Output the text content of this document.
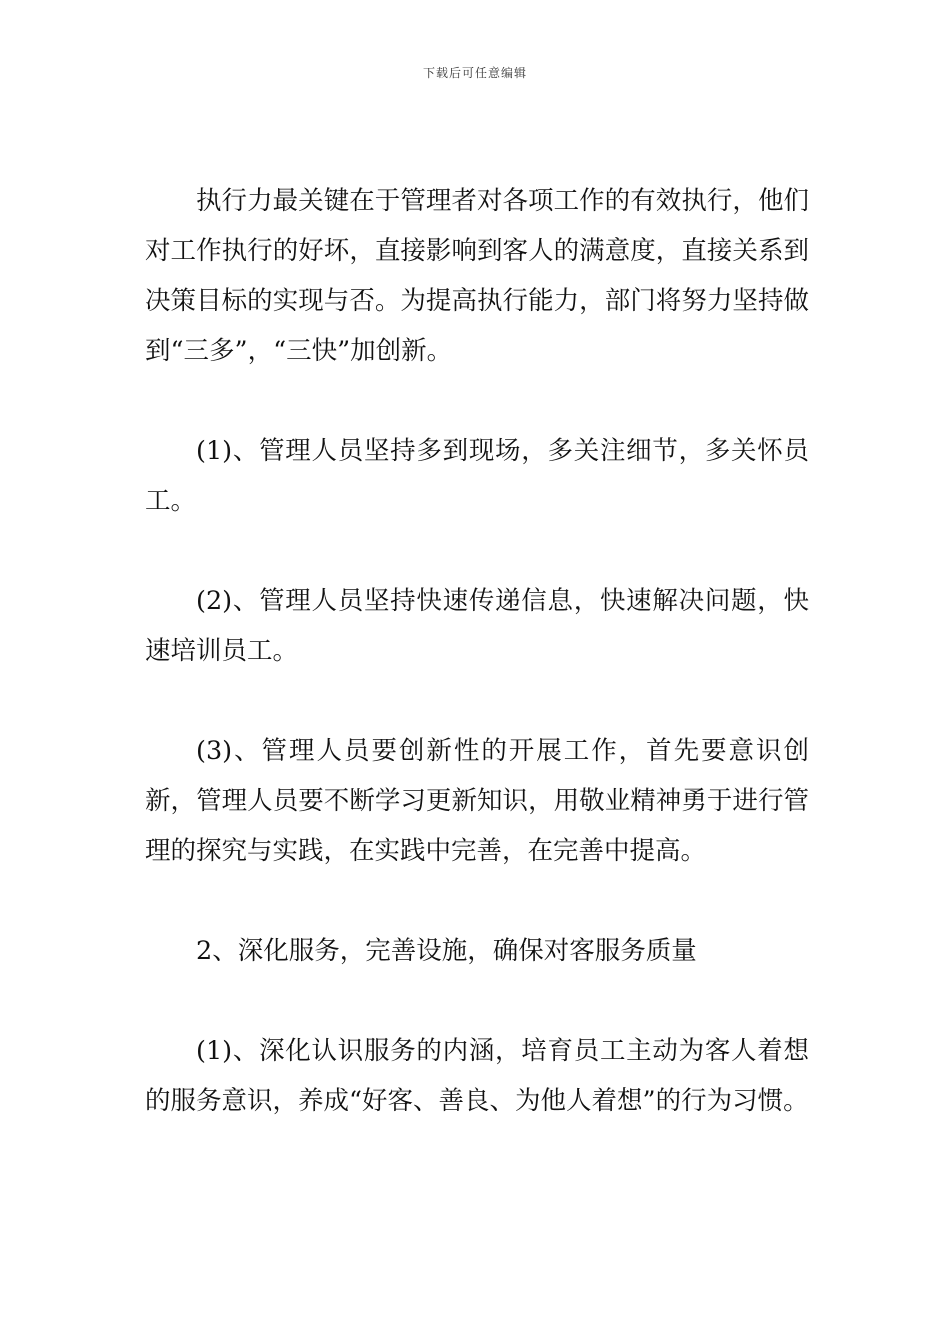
下载后可任意编辑

执行力最关键在于管理者对各项工作的有效执行，他们对工作执行的好坏，直接影响到客人的满意度，直接关系到决策目标的实现与否。为提高执行能力，部门将努力坚持做到“三多”，“三快”加创新。

(1)、管理人员坚持多到现场，多关注细节，多关怀员工。

(2)、管理人员坚持快速传递信息，快速解决问题，快速培训员工。

(3)、管理人员要创新性的开展工作，首先要意识创新，管理人员要不断学习更新知识，用敬业精神勇于进行管理的探究与实践，在实践中完善，在完善中提高。

2、深化服务，完善设施，确保对客服务质量

(1)、深化认识服务的内涵，培育员工主动为客人着想的服务意识，养成“好客、善良、为他人着想”的行为习惯。
